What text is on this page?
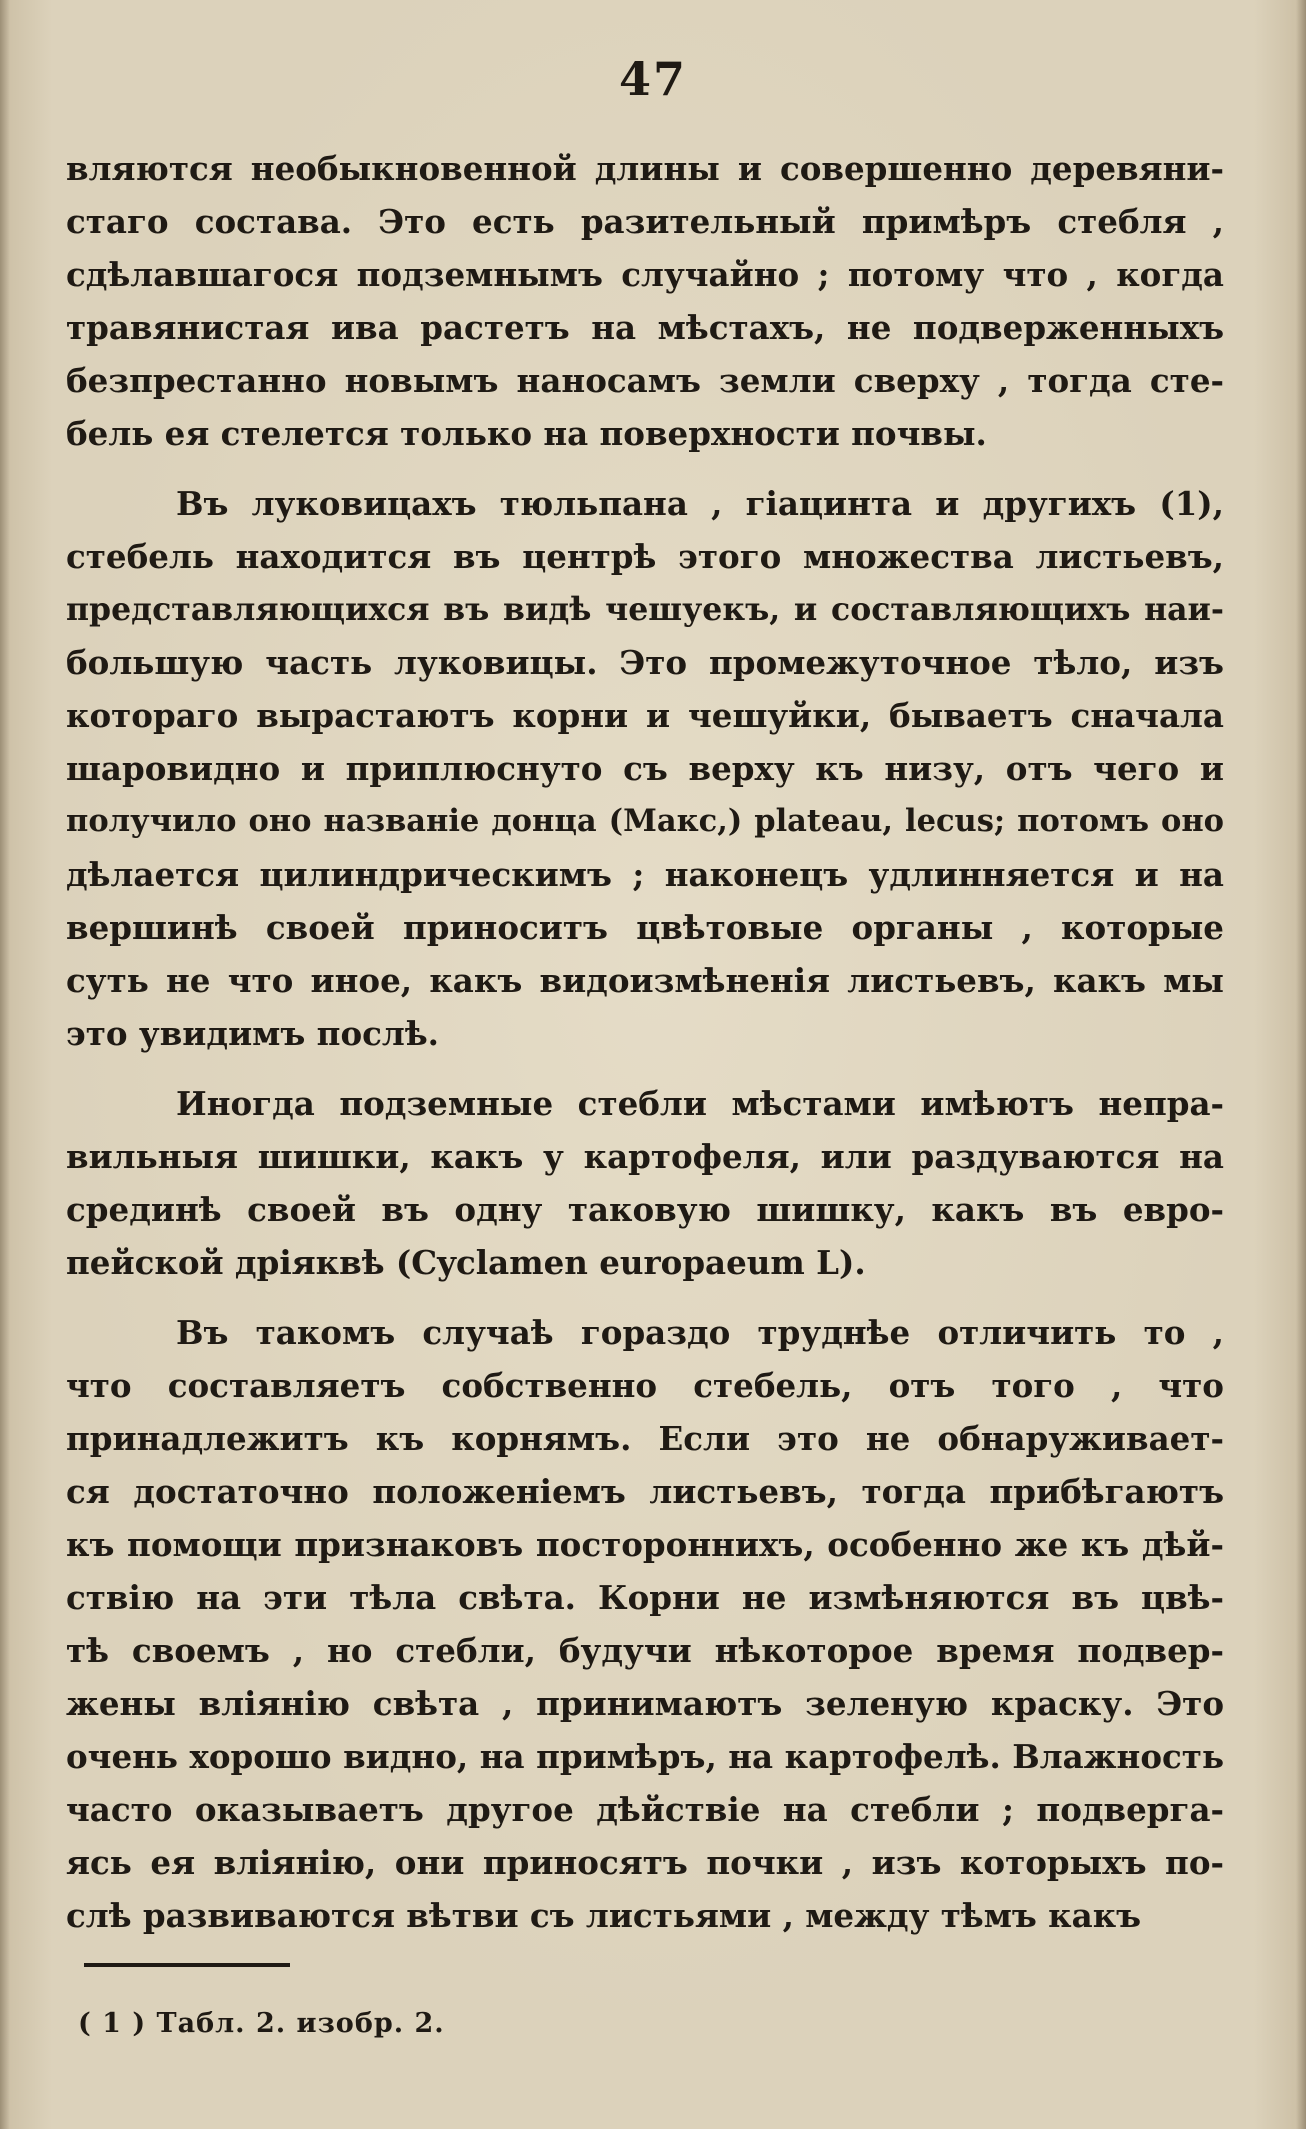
47
вляются необыкновенной длины и совершенно деревяни-
стаго состава. Это есть разительный примѣръ стебля ,
сдѣлавшагося подземнымъ случайно ; потому что , когда
травянистая ива растетъ на мѣстахъ, не подверженныхъ
безпрестанно новымъ наносамъ земли сверху , тогда сте-
бель ея стелется только на поверхности почвы.
Въ луковицахъ тюльпана , гіацинта и другихъ (1),
стебель находится въ центрѣ этого множества листьевъ,
представляющихся въ видѣ чешуекъ, и составляющихъ наи-
большую часть луковицы. Это промежуточное тѣло, изъ
котораго вырастаютъ корни и чешуйки, бываетъ сначала
шаровидно и приплюснуто съ верху къ низу, отъ чего и
получило оно названіе донца (Макс,) plateau, lecus; потомъ оно
дѣлается цилиндрическимъ ; наконецъ удлинняется и на
вершинѣ своей приноситъ цвѣтовые органы , которые
суть не что иное, какъ видоизмѣненія листьевъ, какъ мы
это увидимъ послѣ.
Иногда подземные стебли мѣстами имѣютъ непра-
вильныя шишки, какъ у картофеля, или раздуваются на
срединѣ своей въ одну таковую шишку, какъ въ евро-
пейской дріяквѣ (Cyclamen europaeum L).
Въ такомъ случаѣ гораздо труднѣе отличить то ,
что составляетъ собственно стебель, отъ того , что
принадлежитъ къ корнямъ. Если это не обнаруживает-
ся достаточно положеніемъ листьевъ, тогда прибѣгаютъ
къ помощи признаковъ постороннихъ, особенно же къ дѣй-
ствію на эти тѣла свѣта. Корни не измѣняются въ цвѣ-
тѣ своемъ , но стебли, будучи нѣкоторое время подвер-
жены вліянію свѣта , принимаютъ зеленую краску. Это
очень хорошо видно, на примѣръ, на картофелѣ. Влажность
часто оказываетъ другое дѣйствіе на стебли ; подверга-
ясь ея вліянію, они приносятъ почки , изъ которыхъ по-
слѣ развиваются вѣтви съ листьями , между тѣмъ какъ
( 1 ) Табл. 2. изобр. 2.
